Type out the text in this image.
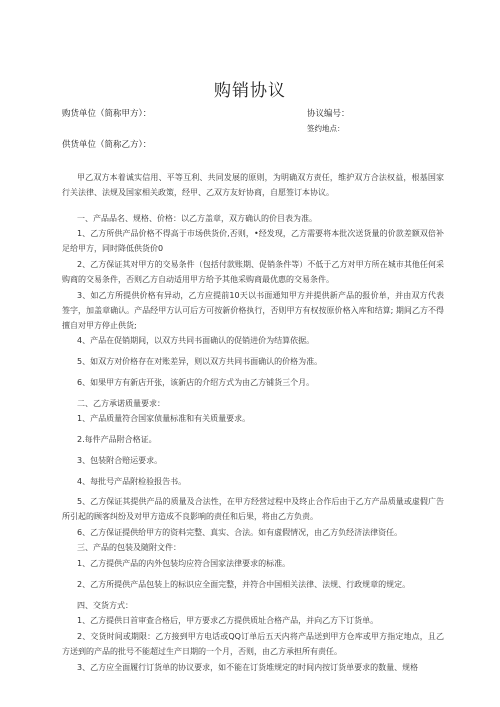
购销协议
购货单位（简称甲方）：	协议编号：
签约地点：
供货单位（简称乙方）：
甲乙双方本着诚实信用、平等互利、共同发展的原则，为明确双方责任，维护双方合法权益，根基国家行关法律、法规及国家相关政策，经甲、乙双方友好协商，自愿签订本协议。
一、产品品名、规格、价格：以乙方盖章，双方确认的价目表为准。
1、乙方所供产品价格不得高于市场供货价,否则，•经发现，乙方需要将本批次送货量的价款差额双倍补足给甲方，同时降低供货价0
2、乙方保证其对甲方的交易条件（包括付款账期、促销条件等）不低于乙方对甲方所在城市其他任何采购商的交易条件，否则乙方自动适用甲方给予其他采购商最优惠的交易条件。
3、如乙方所提供价格有异动，乙方应提前10天以书面通知甲方并提供新产品的报价单，并由双方代表签字，加盖章确认。产品经甲方认可后方可按新价格执行，否则甲方有权按原价格入库和结算; 期间乙方不得擅自对甲方停止供货;
4、产品在促销期间，以双方共同书面确认的促销进价为结算依据。
5、如双方对价格存在对账差异，则以双方共同书面确认的价格为准。
6、如果甲方有新店开张，该新店的介绍方式为由乙方铺货三个月。
二、乙方承诺质量要求：
1、产品质量符合国家侦量标准和有关质量要求。
2.每件产品附合格证。
3、包装附合赔运要求。
4、每批号产品附检验报告书。
5、乙方保证其提供产品的质量及合法性，在甲方经营过程中及终止合作后由于乙方产品质量或虚假广告所引起的顾客纠纷及对甲方造成不良影响的责任和后果，将由乙方负责。
6、乙方保证提供给甲方的资料完整、真实、合法。如有虚假情况，由乙方负经济法律资任。
三、产品的包装及随附文件：
1、乙方提供产品的内外包装均应符合国家法律要求的标准。
2、乙方所提供产品包装上的标识应全面完整，并符合中国相关法律、法规、行政规章的规定。
四、交货方式：
1、乙方提供日首审查合格后，甲方要求乙方提供质址合格产品，并向乙方下订货单。
2、交货时间或期限：乙方接到甲方电话或QQ订单后五天内将产品送到甲方仓库或甲方指定地点，且乙方送到的产品的批号不能超过生产日期的一个月，否则，由乙方承担所有责任。
3、乙方应全面履行订货单的协议要求，如不能在订货堆规定的时间内按订货单要求的数量、规格
